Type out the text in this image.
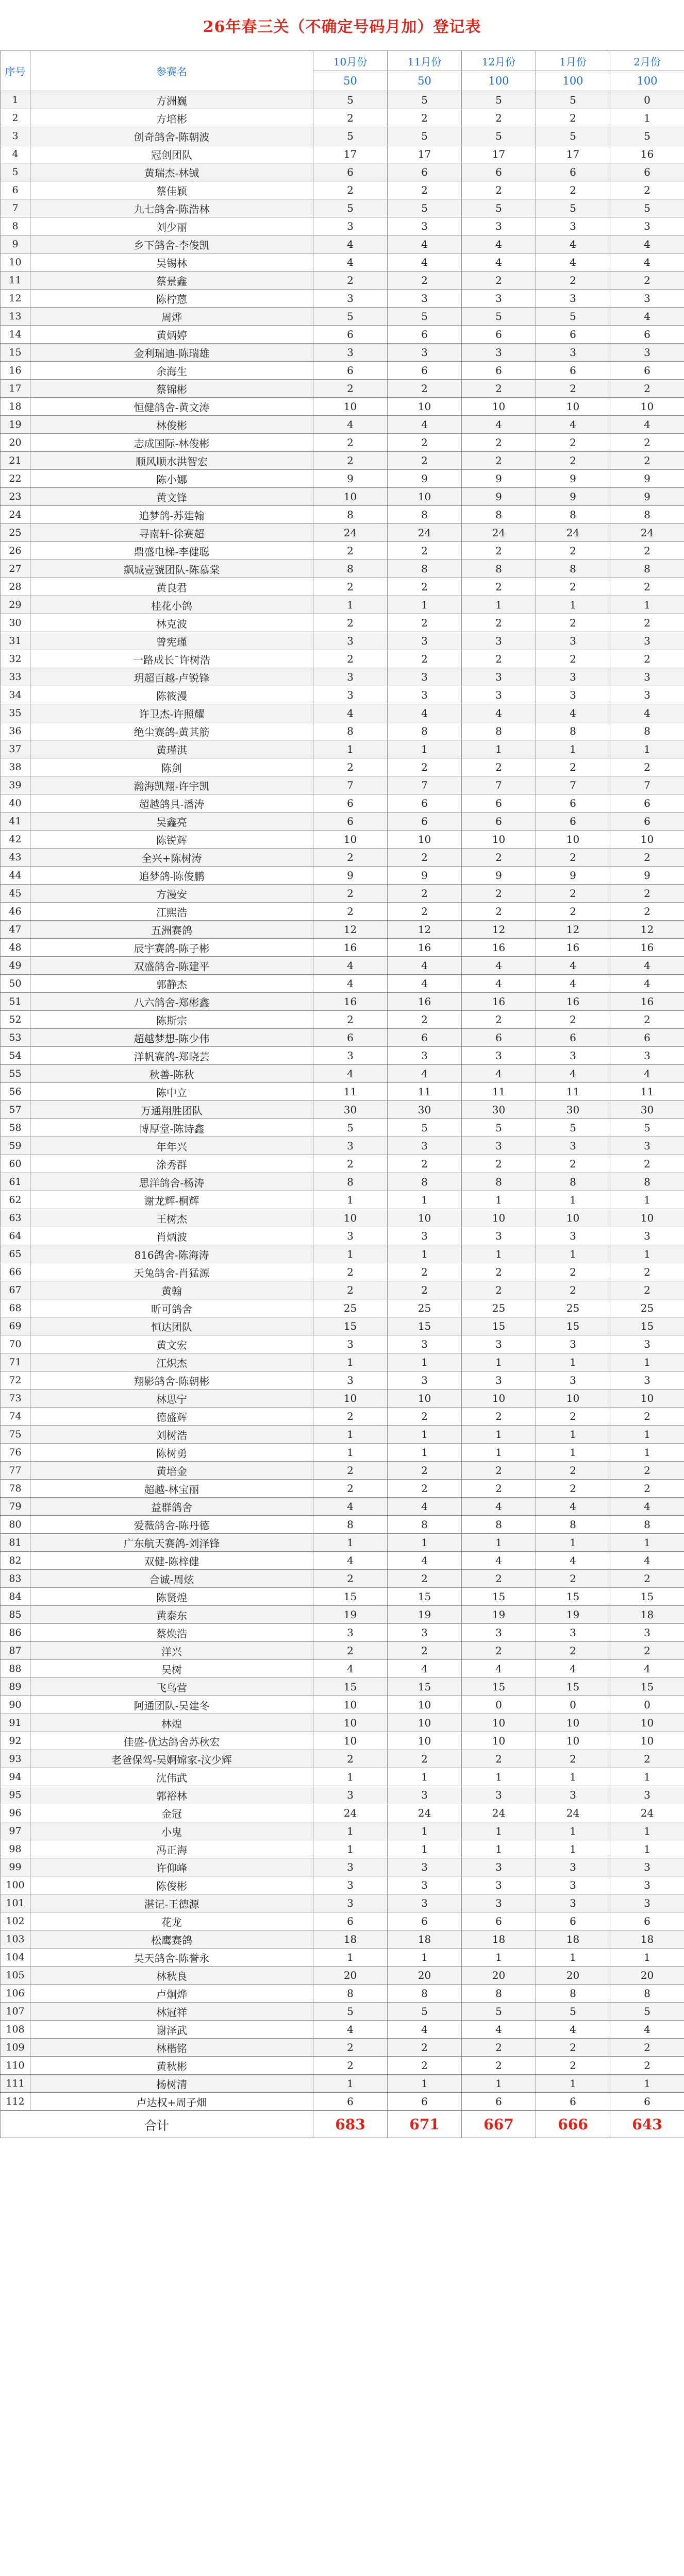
26年春三关（不确定号码月加）登记表
序号	参赛名	10月份	11月份	12月份	1月份	2月份
		50	50	100	100	100
1	方洲巍	5	5	5	5	0
2	方培彬	2	2	2	2	1
3	创奇鸽舍-陈朝波	5	5	5	5	5
4	冠创团队	17	17	17	17	16
5	黄瑞杰-林铖	6	6	6	6	6
6	蔡佳颖	2	2	2	2	2
7	九七鸽舍-陈浩林	5	5	5	5	5
8	刘少丽	3	3	3	3	3
9	乡下鸽舍-李俊凯	4	4	4	4	4
10	吴锡林	4	4	4	4	4
11	蔡景鑫	2	2	2	2	2
12	陈柠蒽	3	3	3	3	3
13	周烨	5	5	5	5	4
14	黄炳婷	6	6	6	6	6
15	金利瑞迪-陈瑞雄	3	3	3	3	3
16	余海生	6	6	6	6	6
17	蔡锦彬	2	2	2	2	2
18	恒健鸽舍-黄文涛	10	10	10	10	10
19	林俊彬	4	4	4	4	4
20	志成国际-林俊彬	2	2	2	2	2
21	顺风顺水洪智宏	2	2	2	2	2
22	陈小娜	9	9	9	9	9
23	黄文锋	10	10	9	9	9
24	追梦鸽-苏建翰	8	8	8	8	8
25	寻南轩-徐赛超	24	24	24	24	24
26	鼎盛电梯-李健聪	2	2	2	2	2
27	飙城壹號团队-陈慕棠	8	8	8	8	8
28	黄良君	2	2	2	2	2
29	桂花小鸽	1	1	1	1	1
30	林克波	2	2	2	2	2
31	曾宪瑾	3	3	3	3	3
32	一路成长¯许树浩	2	2	2	2	2
33	玥超百越-卢锐锋	3	3	3	3	3
34	陈筱漫	3	3	3	3	3
35	许卫杰-许照耀	4	4	4	4	4
36	绝尘赛鸽-黄其筋	8	8	8	8	8
37	黄瑾淇	1	1	1	1	1
38	陈剑	2	2	2	2	2
39	瀚海凯翔-许宇凯	7	7	7	7	7
40	超越鸽具-潘涛	6	6	6	6	6
41	吴鑫亮	6	6	6	6	6
42	陈锐辉	10	10	10	10	10
43	全兴+陈树涛	2	2	2	2	2
44	追梦鸽-陈俊鹏	9	9	9	9	9
45	方漫安	2	2	2	2	2
46	江熙浩	2	2	2	2	2
47	五洲赛鸽	12	12	12	12	12
48	辰宇赛鸽-陈子彬	16	16	16	16	16
49	双盛鸽舍-陈建平	4	4	4	4	4
50	郭静杰	4	4	4	4	4
51	八六鸽舍-郑彬鑫	16	16	16	16	16
52	陈斯宗	2	2	2	2	2
53	超越梦想-陈少伟	6	6	6	6	6
54	洋帆赛鸽-郑晓芸	3	3	3	3	3
55	秋善-陈秋	4	4	4	4	4
56	陈中立	11	11	11	11	11
57	万通翔胜团队	30	30	30	30	30
58	博厚堂-陈诗鑫	5	5	5	5	5
59	年年兴	3	3	3	3	3
60	涂秀群	2	2	2	2	2
61	思洋鸽舍-杨涛	8	8	8	8	8
62	谢龙辉-桐辉	1	1	1	1	1
63	王树杰	10	10	10	10	10
64	肖炳波	3	3	3	3	3
65	816鸽舍-陈海涛	1	1	1	1	1
66	天兔鸽舍-肖猛源	2	2	2	2	2
67	黄翰	2	2	2	2	2
68	昕可鸽舍	25	25	25	25	25
69	恒达团队	15	15	15	15	15
70	黄文宏	3	3	3	3	3
71	江炽杰	1	1	1	1	1
72	翔影鸽舍-陈朝彬	3	3	3	3	3
73	林思宁	10	10	10	10	10
74	德盛辉	2	2	2	2	2
75	刘树浩	1	1	1	1	1
76	陈树勇	1	1	1	1	1
77	黄培金	2	2	2	2	2
78	超越-林宝丽	2	2	2	2	2
79	益群鸽舍	4	4	4	4	4
80	爱薇鸽舍-陈丹德	8	8	8	8	8
81	广东航天赛鸽-刘泽锋	1	1	1	1	1
82	双健-陈梓健	4	4	4	4	4
83	合诚-周炫	2	2	2	2	2
84	陈贤煌	15	15	15	15	15
85	黄泰东	19	19	19	19	18
86	蔡焕浩	3	3	3	3	3
87	洋兴	2	2	2	2	2
88	吴树	4	4	4	4	4
89	飞鸟营	15	15	15	15	15
90	阿通团队-吴建冬	10	10	0	0	0
91	林煌	10	10	10	10	10
92	佳盛-优达鸽舍苏秋宏	10	10	10	10	10
93	老爸保驾-吴婀嫦家-汶少辉	2	2	2	2	2
94	沈伟武	1	1	1	1	1
95	郭裕林	3	3	3	3	3
96	金冠	24	24	24	24	24
97	小鬼	1	1	1	1	1
98	冯正海	1	1	1	1	1
99	许仰峰	3	3	3	3	3
100	陈俊彬	3	3	3	3	3
101	湛记-王德源	3	3	3	3	3
102	花龙	6	6	6	6	6
103	松鹰赛鸽	18	18	18	18	18
104	昊天鸽舍-陈誉永	1	1	1	1	1
105	林秋良	20	20	20	20	20
106	卢炯烨	8	8	8	8	8
107	林冠祥	5	5	5	5	5
108	谢泽武	4	4	4	4	4
109	林楷铭	2	2	2	2	2
110	黄秋彬	2	2	2	2	2
111	杨树清	1	1	1	1	1
112	卢达权+周子畑	6	6	6	6	6
合计		683	671	667	666	643
